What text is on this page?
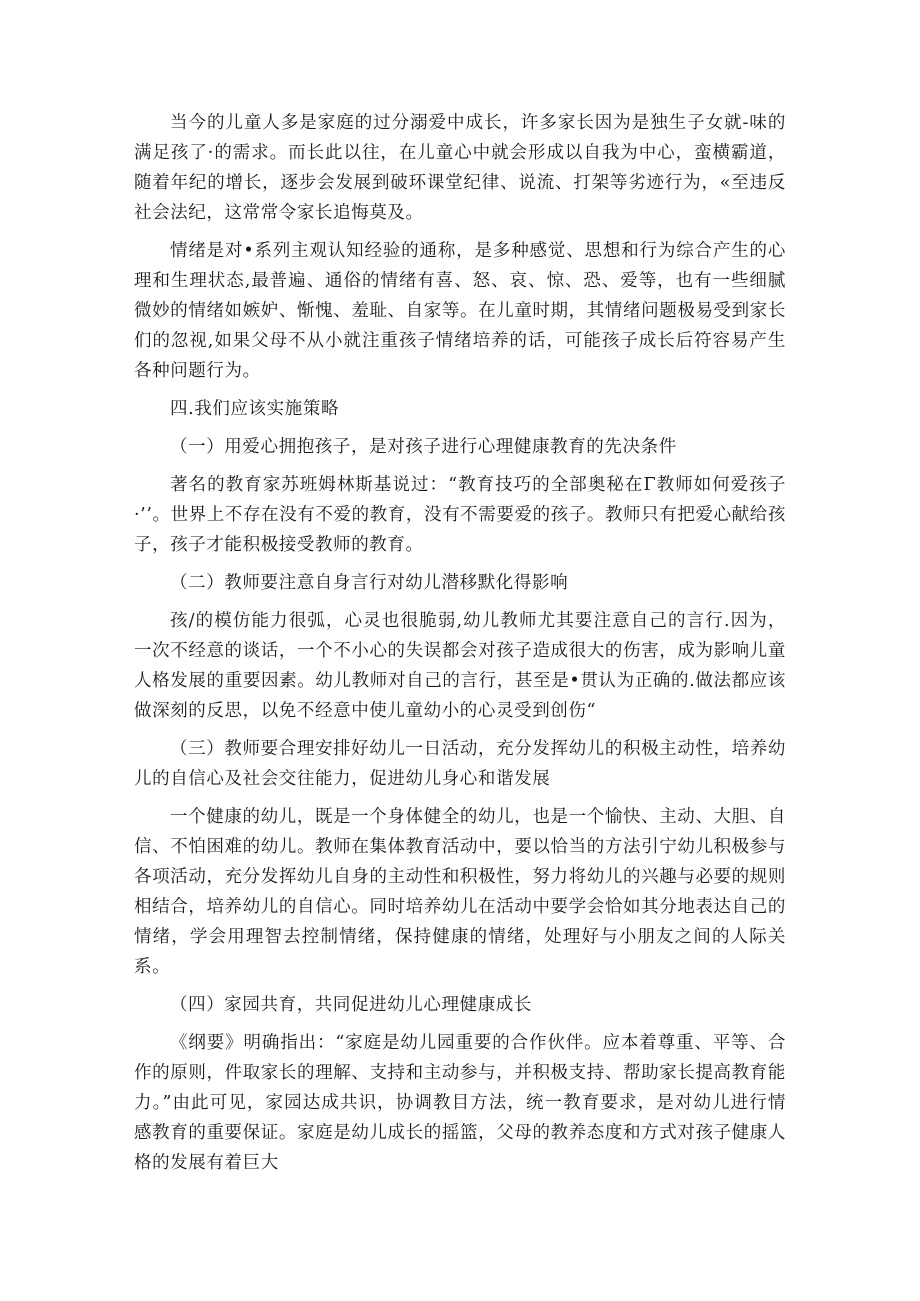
当今的儿童人多是家庭的过分溺爱中成长，许多家长因为是独生子女就-味的满足孩了·的需求。而长此以往，在儿童心中就会形成以自我为中心，蛮横霸道，随着年纪的增长，逐步会发展到破环课堂纪律、说流、打架等劣迹行为，«至违反社会法纪，这常常令家长追悔莫及。

情绪是对•系列主观认知经验的通称，是多种感觉、思想和行为综合产生的心理和生理状态,最普遍、通俗的情绪有喜、怒、哀、惊、恐、爱等，也有一些细腻微妙的情绪如嫉妒、惭愧、羞耻、自家等。在儿童时期，其情绪问题极易受到家长们的忽视,如果父母不从小就注重孩子情绪培养的话，可能孩子成长后符容易产生各种问题行为。

四.我们应该实施策略

（一）用爱心拥抱孩子，是对孩子进行心理健康教育的先决条件

著名的教育家苏班姆林斯基说过：“教育技巧的全部奥秘在Γ教师如何爱孩子·’’。世界上不存在没有不爱的教育，没有不需要爱的孩子。教师只有把爱心献给孩子，孩子才能积极接受教师的教育。

（二）教师要注意自身言行对幼儿潜移默化得影响

孩/的模仿能力很弧，心灵也很脆弱,幼儿教师尤其要注意自己的言行.因为，一次不经意的谈话，一个不小心的失误都会对孩子造成很大的伤害，成为影响儿童人格发展的重要因素。幼儿教师对自己的言行，甚至是•贯认为正确的.做法都应该做深刻的反思，以免不经意中使儿童幼小的心灵受到创伤“

（三）教师要合理安排好幼儿一日活动，充分发挥幼儿的积极主动性，培养幼儿的自信心及社会交往能力，促进幼儿身心和谐发展

一个健康的幼儿，既是一个身体健全的幼儿，也是一个愉快、主动、大胆、自信、不怕困难的幼儿。教师在集体教育活动中，要以恰当的方法引宁幼儿积极参与各项活动，充分发挥幼儿自身的主动性和积极性，努力将幼儿的兴趣与必要的规则相结合，培养幼儿的自信心。同时培养幼儿在活动中要学会恰如其分地表达自己的情绪，学会用理智去控制情绪，保持健康的情绪，处理好与小朋友之间的人际关系。

（四）家园共育，共同促进幼儿心理健康成长

《纲要》明确指出：“家庭是幼儿园重要的合作伙伴。应本着尊重、平等、合作的原则，件取家长的理解、支持和主动参与，并积极支持、帮助家长提高教育能力。”由此可见，家园达成共识，协调教目方法，统一教育要求，是对幼儿进行情感教育的重要保证。家庭是幼儿成长的摇篮，父母的教养态度和方式对孩子健康人格的发展有着巨大
